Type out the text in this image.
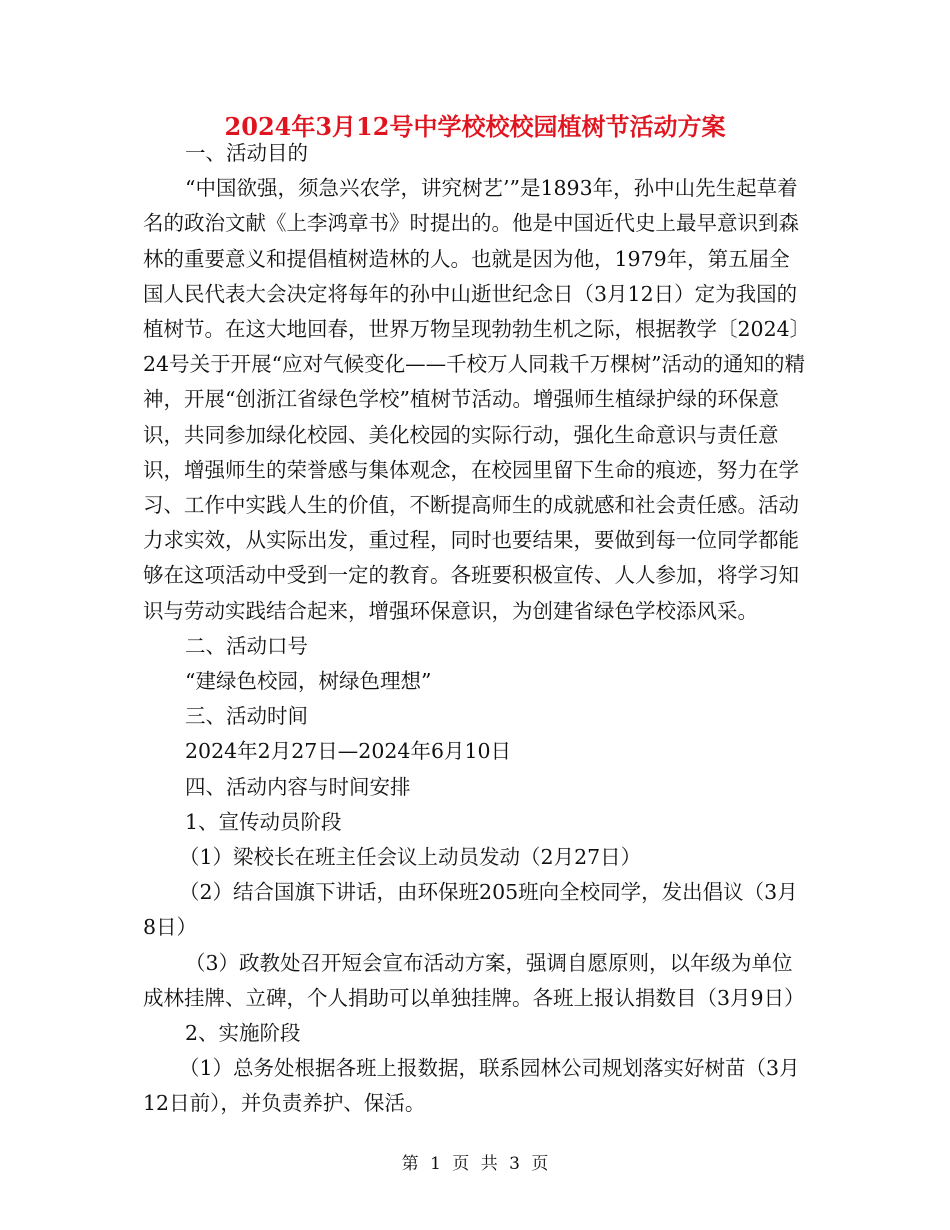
2024年3月12号中学校校校园植树节活动方案

一、活动目的

“中国欲强，须急兴农学，讲究树艺’”是1893年，孙中山先生起草着名的政治文献《上李鸿章书》时提出的。他是中国近代史上最早意识到森林的重要意义和提倡植树造林的人。也就是因为他，1979年，第五届全国人民代表大会决定将每年的孙中山逝世纪念日（3月12日）定为我国的植树节。在这大地回春，世界万物呈现勃勃生机之际，根据教学〔2024〕24号关于开展“应对气候变化——千校万人同栽千万棵树”活动的通知的精神，开展“创浙江省绿色学校”植树节活动。增强师生植绿护绿的环保意识，共同参加绿化校园、美化校园的实际行动，强化生命意识与责任意识，增强师生的荣誉感与集体观念，在校园里留下生命的痕迹，努力在学习、工作中实践人生的价值，不断提高师生的成就感和社会责任感。活动力求实效，从实际出发，重过程，同时也要结果，要做到每一位同学都能够在这项活动中受到一定的教育。各班要积极宣传、人人参加，将学习知识与劳动实践结合起来，增强环保意识，为创建省绿色学校添风采。

二、活动口号

“建绿色校园，树绿色理想”

三、活动时间

2024年2月27日—2024年6月10日

四、活动内容与时间安排

1、宣传动员阶段

（1）梁校长在班主任会议上动员发动（2月27日）

（2）结合国旗下讲话，由环保班205班向全校同学，发出倡议（3月8日）

（3）政教处召开短会宣布活动方案，强调自愿原则，以年级为单位成林挂牌、立碑，个人捐助可以单独挂牌。各班上报认捐数目（3月9日）

2、实施阶段

（1）总务处根据各班上报数据，联系园林公司规划落实好树苗（3月12日前），并负责养护、保活。

第 1 页 共 3 页
